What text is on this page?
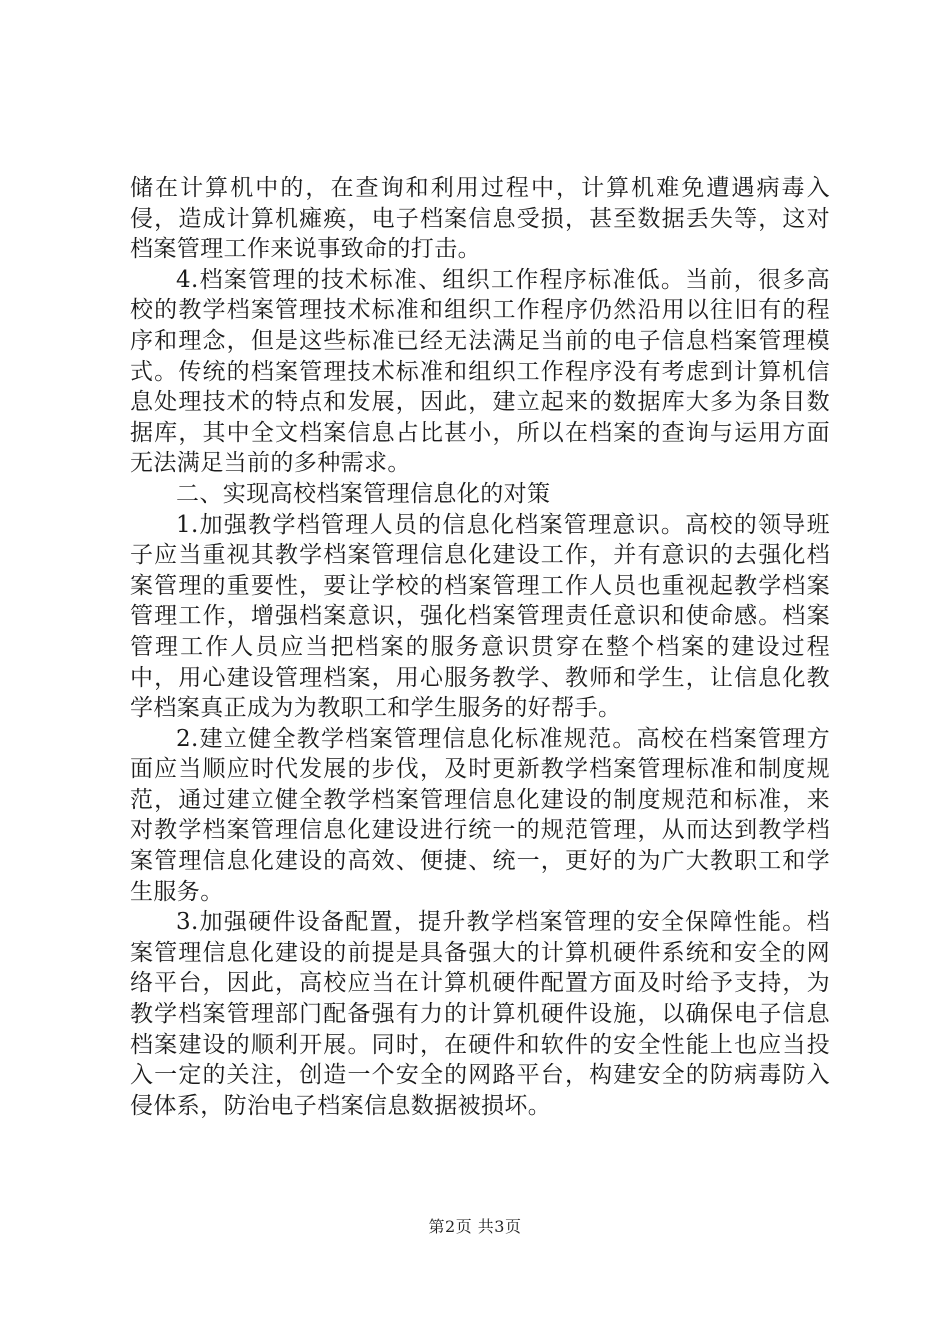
储在计算机中的，在查询和利用过程中，计算机难免遭遇病毒入侵，造成计算机瘫痪，电子档案信息受损，甚至数据丢失等，这对档案管理工作来说事致命的打击。

4.档案管理的技术标准、组织工作程序标准低。当前，很多高校的教学档案管理技术标准和组织工作程序仍然沿用以往旧有的程序和理念，但是这些标准已经无法满足当前的电子信息档案管理模式。传统的档案管理技术标准和组织工作程序没有考虑到计算机信息处理技术的特点和发展，因此，建立起来的数据库大多为条目数据库，其中全文档案信息占比甚小，所以在档案的查询与运用方面无法满足当前的多种需求。

二、实现高校档案管理信息化的对策

1.加强教学档管理人员的信息化档案管理意识。高校的领导班子应当重视其教学档案管理信息化建设工作，并有意识的去强化档案管理的重要性，要让学校的档案管理工作人员也重视起教学档案管理工作，增强档案意识，强化档案管理责任意识和使命感。档案管理工作人员应当把档案的服务意识贯穿在整个档案的建设过程中，用心建设管理档案，用心服务教学、教师和学生，让信息化教学档案真正成为为教职工和学生服务的好帮手。

2.建立健全教学档案管理信息化标准规范。高校在档案管理方面应当顺应时代发展的步伐，及时更新教学档案管理标准和制度规范，通过建立健全教学档案管理信息化建设的制度规范和标准，来对教学档案管理信息化建设进行统一的规范管理，从而达到教学档案管理信息化建设的高效、便捷、统一，更好的为广大教职工和学生服务。

3.加强硬件设备配置，提升教学档案管理的安全保障性能。档案管理信息化建设的前提是具备强大的计算机硬件系统和安全的网络平台，因此，高校应当在计算机硬件配置方面及时给予支持，为教学档案管理部门配备强有力的计算机硬件设施，以确保电子信息档案建设的顺利开展。同时，在硬件和软件的安全性能上也应当投入一定的关注，创造一个安全的网路平台，构建安全的防病毒防入侵体系，防治电子档案信息数据被损坏。

第2页 共3页
